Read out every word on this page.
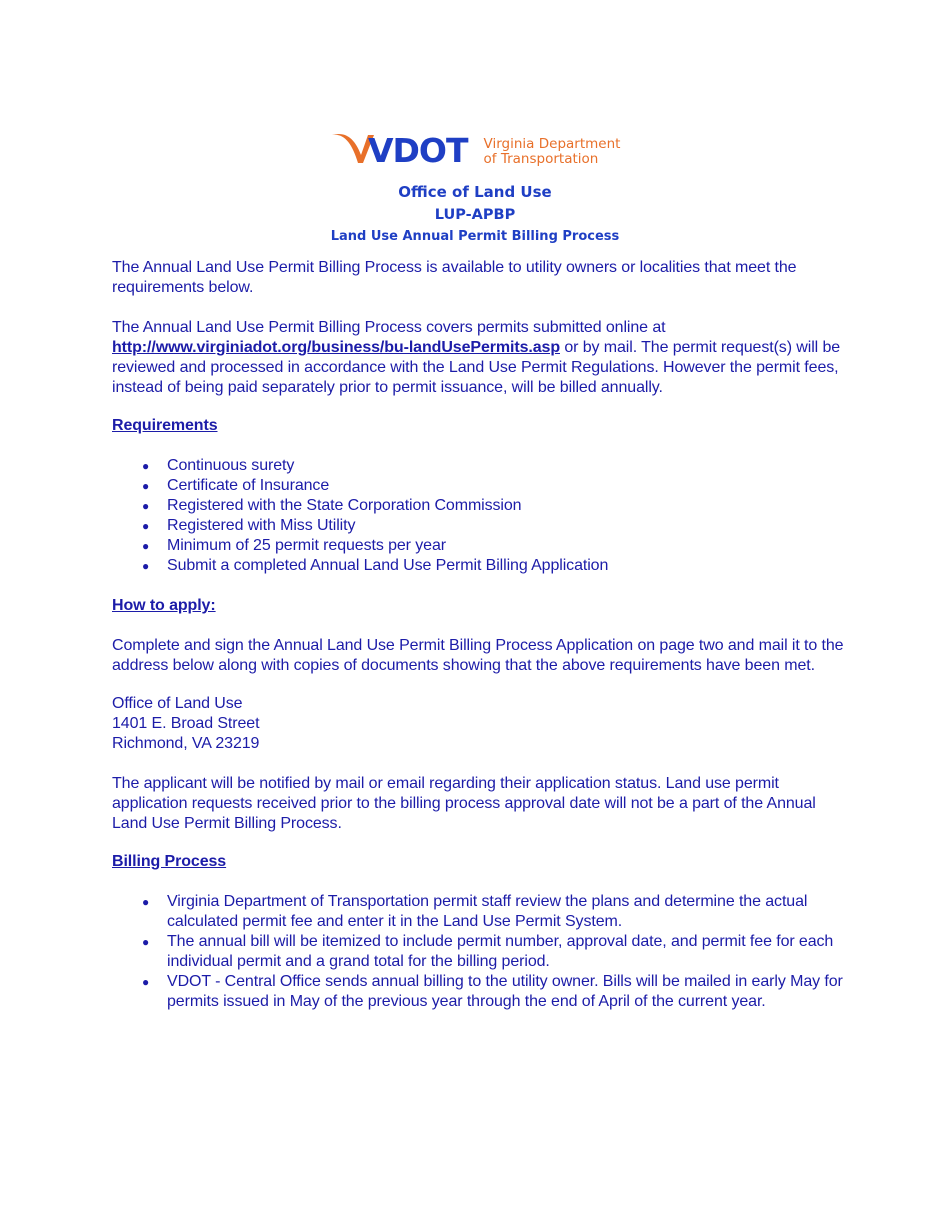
VDOT Virginia Department
of Transportation

Office of Land Use

LUP-APBP

Land Use Annual Permit Billing Process

The Annual Land Use Permit Billing Process is available to utility owners or localities that meet the requirements below.

The Annual Land Use Permit Billing Process covers permits submitted online at http://www.virginiadot.org/business/bu-landUsePermits.asp or by mail. The permit request(s) will be reviewed and processed in accordance with the Land Use Permit Regulations. However the permit fees, instead of being paid separately prior to permit issuance, will be billed annually.

Requirements

● Continuous surety
● Certificate of Insurance
● Registered with the State Corporation Commission
● Registered with Miss Utility
● Minimum of 25 permit requests per year
● Submit a completed Annual Land Use Permit Billing Application

How to apply:

Complete and sign the Annual Land Use Permit Billing Process Application on page two and mail it to the address below along with copies of documents showing that the above requirements have been met.

Office of Land Use

1401 E. Broad Street

Richmond, VA 23219

The applicant will be notified by mail or email regarding their application status. Land use permit application requests received prior to the billing process approval date will not be a part of the Annual Land Use Permit Billing Process.

Billing Process

● Virginia Department of Transportation permit staff review the plans and determine the actual calculated permit fee and enter it in the Land Use Permit System.
● The annual bill will be itemized to include permit number, approval date, and permit fee for each individual permit and a grand total for the billing period.
● VDOT - Central Office sends annual billing to the utility owner. Bills will be mailed in early May for permits issued in May of the previous year through the end of April of the current year.
